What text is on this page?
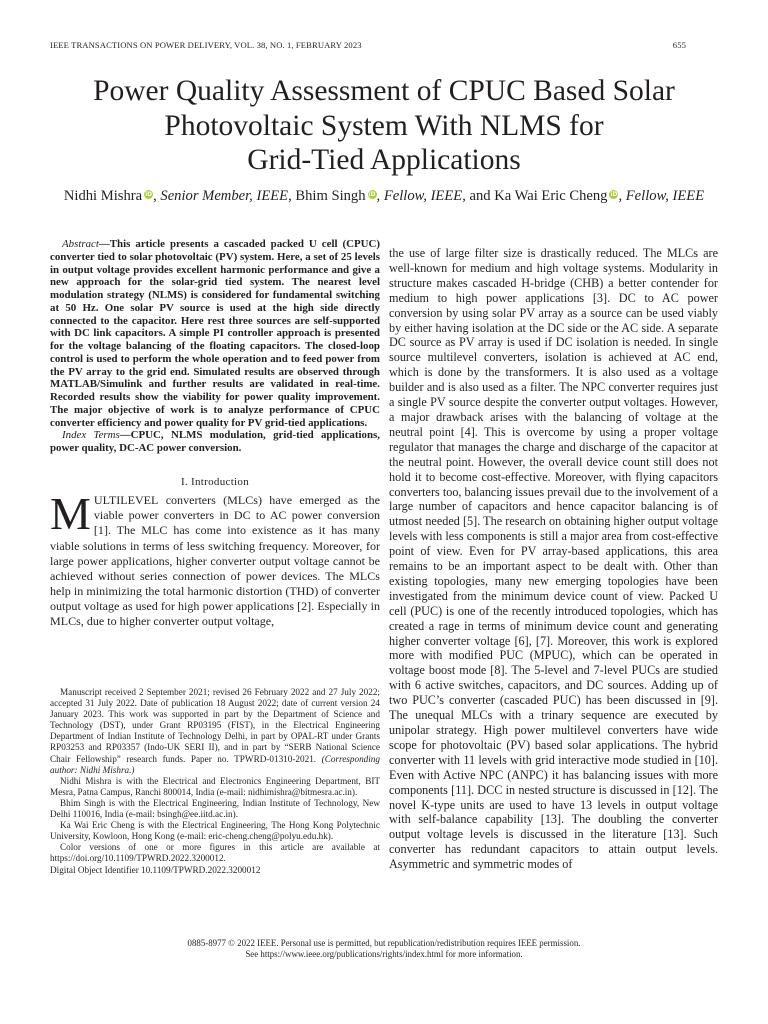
IEEE TRANSACTIONS ON POWER DELIVERY, VOL. 38, NO. 1, FEBRUARY 2023	655
Power Quality Assessment of CPUC Based Solar
Photovoltaic System With NLMS for
Grid-Tied Applications
Nidhi Mishra iD, Senior Member, IEEE, Bhim Singh iD, Fellow, IEEE, and Ka Wai Eric Cheng iD, Fellow, IEEE

Abstract—This article presents a cascaded packed U cell (CPUC) converter tied to solar photovoltaic (PV) system. Here, a set of 25 levels in output voltage provides excellent harmonic performance and give a new approach for the solar-grid tied system. The nearest level modulation strategy (NLMS) is considered for fundamental switching at 50 Hz. One solar PV source is used at the high side directly connected to the capacitor. Here rest three sources are self-supported with DC link capacitors. A simple PI controller approach is presented for the voltage balancing of the floating capacitors. The closed-loop control is used to perform the whole operation and to feed power from the PV array to the grid end. Simulated results are observed through MATLAB/Simulink and further results are validated in real-time. Recorded results show the viability for power quality improvement. The major objective of work is to analyze performance of CPUC converter efficiency and power quality for PV grid-tied applications.

Index Terms—CPUC, NLMS modulation, grid-tied applications, power quality, DC-AC power conversion.

I. Introduction
MULTILEVEL converters (MLCs) have emerged as the viable power converters in DC to AC power conversion [1]. The MLC has come into existence as it has many viable solutions in terms of less switching frequency. Moreover, for large power applications, higher converter output voltage cannot be achieved without series connection of power devices. The MLCs help in minimizing the total harmonic distortion (THD) of converter output voltage as used for high power applications [2]. Especially in MLCs, due to higher converter output voltage,

Manuscript received 2 September 2021; revised 26 February 2022 and 27 July 2022; accepted 31 July 2022. Date of publication 18 August 2022; date of current version 24 January 2023. This work was supported in part by the Department of Science and Technology (DST), under Grant RP03195 (FIST), in the Electrical Engineering Department of Indian Institute of Technology Delhi, in part by OPAL-RT under Grants RP03253 and RP03357 (Indo-UK SERI II), and in part by “SERB National Science Chair Fellowship” research funds. Paper no. TPWRD-01310-2021. (Corresponding author: Nidhi Mishra.)

Nidhi Mishra is with the Electrical and Electronics Engineering Department, BIT Mesra, Patna Campus, Ranchi 800014, India (e-mail: nidhimishra@bitmesra.ac.in).

Bhim Singh is with the Electrical Engineering, Indian Institute of Technology, New Delhi 110016, India (e-mail: bsingh@ee.iitd.ac.in).

Ka Wai Eric Cheng is with the Electrical Engineering, The Hong Kong Polytechnic University, Kowloon, Hong Kong (e-mail: eric-cheng.cheng@polyu.edu.hk).

Color versions of one or more figures in this article are available at https://doi.org/10.1109/TPWRD.2022.3200012.

Digital Object Identifier 10.1109/TPWRD.2022.3200012

the use of large filter size is drastically reduced. The MLCs are well-known for medium and high voltage systems. Modularity in structure makes cascaded H-bridge (CHB) a better contender for medium to high power applications [3]. DC to AC power conversion by using solar PV array as a source can be used viably by either having isolation at the DC side or the AC side. A separate DC source as PV array is used if DC isolation is needed. In single source multilevel converters, isolation is achieved at AC end, which is done by the transformers. It is also used as a voltage builder and is also used as a filter. The NPC converter requires just a single PV source despite the converter output voltages. However, a major drawback arises with the balancing of voltage at the neutral point [4]. This is overcome by using a proper voltage regulator that manages the charge and discharge of the capacitor at the neutral point. However, the overall device count still does not hold it to become cost-effective. Moreover, with flying capacitors converters too, balancing issues prevail due to the involvement of a large number of capacitors and hence capacitor balancing is of utmost needed [5]. The research on obtaining higher output voltage levels with less components is still a major area from cost-effective point of view. Even for PV array-based applications, this area remains to be an important aspect to be dealt with. Other than existing topologies, many new emerging topologies have been investigated from the minimum device count of view. Packed U cell (PUC) is one of the recently introduced topologies, which has created a rage in terms of minimum device count and generating higher converter voltage [6], [7]. Moreover, this work is explored more with modified PUC (MPUC), which can be operated in voltage boost mode [8]. The 5-level and 7-level PUCs are studied with 6 active switches, capacitors, and DC sources. Adding up of two PUC’s converter (cascaded PUC) has been discussed in [9]. The unequal MLCs with a trinary sequence are executed by unipolar strategy. High power multilevel converters have wide scope for photovoltaic (PV) based solar applications. The hybrid converter with 11 levels with grid interactive mode studied in [10]. Even with Active NPC (ANPC) it has balancing issues with more components [11]. DCC in nested structure is discussed in [12]. The novel K-type units are used to have 13 levels in output voltage with self-balance capability [13]. The doubling the converter output voltage levels is discussed in the literature [13]. Such converter has redundant capacitors to attain output levels. Asymmetric and symmetric modes of

0885-8977 © 2022 IEEE. Personal use is permitted, but republication/redistribution requires IEEE permission.
See https://www.ieee.org/publications/rights/index.html for more information.
